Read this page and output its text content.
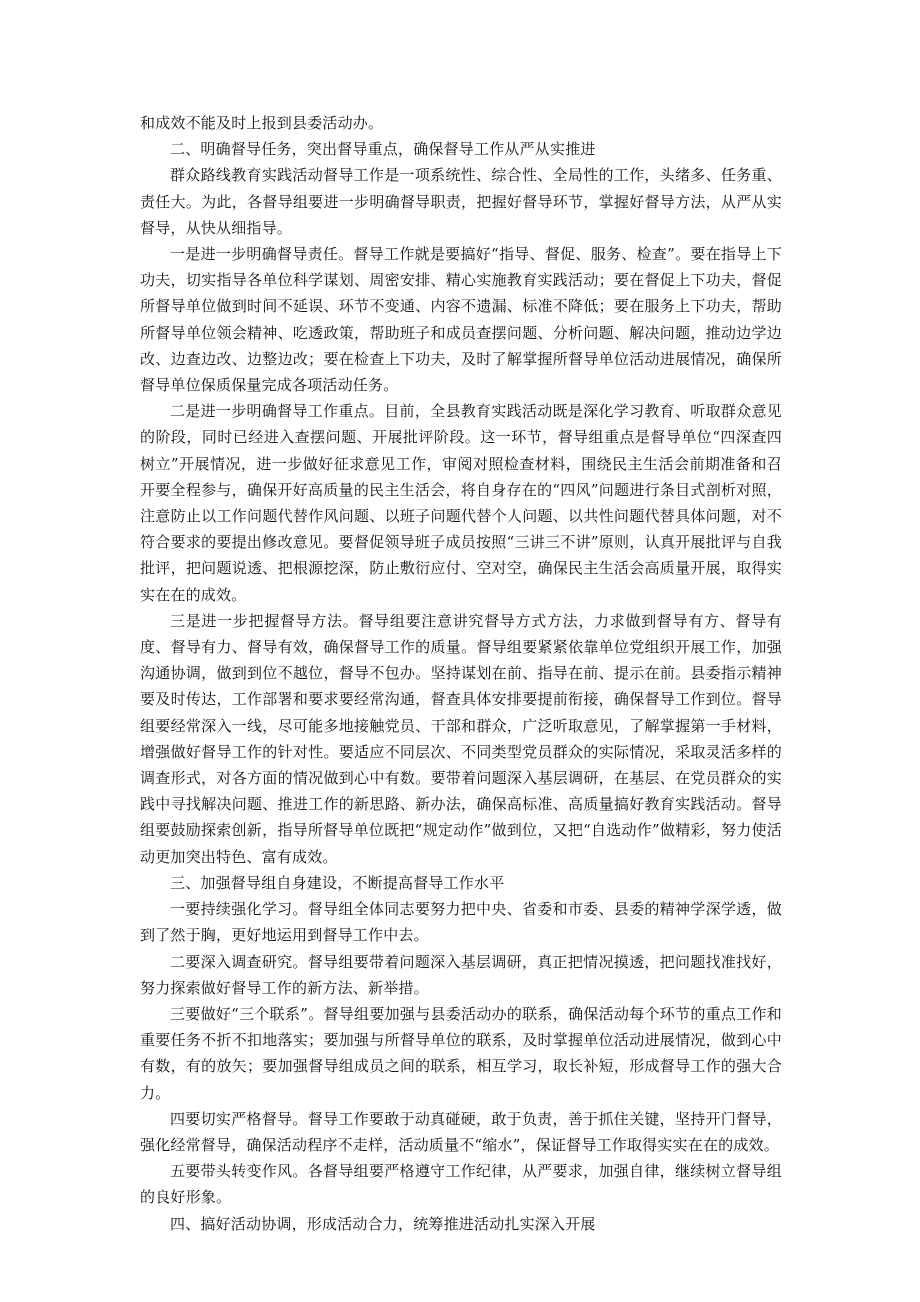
和成效不能及时上报到县委活动办。

二、明确督导任务，突出督导重点，确保督导工作从严从实推进

群众路线教育实践活动督导工作是一项系统性、综合性、全局性的工作，头绪多、任务重、责任大。为此，各督导组要进一步明确督导职责，把握好督导环节，掌握好督导方法，从严从实督导，从快从细指导。

一是进一步明确督导责任。督导工作就是要搞好“指导、督促、服务、检查”。要在指导上下功夫，切实指导各单位科学谋划、周密安排、精心实施教育实践活动；要在督促上下功夫，督促所督导单位做到时间不延误、环节不变通、内容不遗漏、标准不降低；要在服务上下功夫，帮助所督导单位领会精神、吃透政策，帮助班子和成员查摆问题、分析问题、解决问题，推动边学边改、边查边改、边整边改；要在检查上下功夫，及时了解掌握所督导单位活动进展情况，确保所督导单位保质保量完成各项活动任务。

二是进一步明确督导工作重点。目前，全县教育实践活动既是深化学习教育、听取群众意见的阶段，同时已经进入查摆问题、开展批评阶段。这一环节，督导组重点是督导单位“四深查四树立”开展情况，进一步做好征求意见工作，审阅对照检查材料，围绕民主生活会前期准备和召开要全程参与，确保开好高质量的民主生活会，将自身存在的“四风”问题进行条目式剖析对照，注意防止以工作问题代替作风问题、以班子问题代替个人问题、以共性问题代替具体问题，对不符合要求的要提出修改意见。要督促领导班子成员按照“三讲三不讲”原则，认真开展批评与自我批评，把问题说透、把根源挖深，防止敷衍应付、空对空，确保民主生活会高质量开展，取得实实在在的成效。

三是进一步把握督导方法。督导组要注意讲究督导方式方法，力求做到督导有方、督导有度、督导有力、督导有效，确保督导工作的质量。督导组要紧紧依靠单位党组织开展工作，加强沟通协调，做到到位不越位，督导不包办。坚持谋划在前、指导在前、提示在前。县委指示精神要及时传达，工作部署和要求要经常沟通，督查具体安排要提前衔接，确保督导工作到位。督导组要经常深入一线，尽可能多地接触党员、干部和群众，广泛听取意见，了解掌握第一手材料，增强做好督导工作的针对性。要适应不同层次、不同类型党员群众的实际情况，采取灵活多样的调查形式，对各方面的情况做到心中有数。要带着问题深入基层调研，在基层、在党员群众的实践中寻找解决问题、推进工作的新思路、新办法，确保高标准、高质量搞好教育实践活动。督导组要鼓励探索创新，指导所督导单位既把“规定动作”做到位，又把“自选动作”做精彩，努力使活动更加突出特色、富有成效。

三、加强督导组自身建设，不断提高督导工作水平

一要持续强化学习。督导组全体同志要努力把中央、省委和市委、县委的精神学深学透，做到了然于胸，更好地运用到督导工作中去。

二要深入调查研究。督导组要带着问题深入基层调研，真正把情况摸透，把问题找准找好，努力探索做好督导工作的新方法、新举措。

三要做好“三个联系”。督导组要加强与县委活动办的联系，确保活动每个环节的重点工作和重要任务不折不扣地落实；要加强与所督导单位的联系，及时掌握单位活动进展情况，做到心中有数，有的放矢；要加强督导组成员之间的联系，相互学习，取长补短，形成督导工作的强大合力。

四要切实严格督导。督导工作要敢于动真碰硬，敢于负责，善于抓住关键，坚持开门督导，强化经常督导，确保活动程序不走样，活动质量不“缩水”，保证督导工作取得实实在在的成效。

五要带头转变作风。各督导组要严格遵守工作纪律，从严要求，加强自律，继续树立督导组的良好形象。

四、搞好活动协调，形成活动合力，统筹推进活动扎实深入开展
